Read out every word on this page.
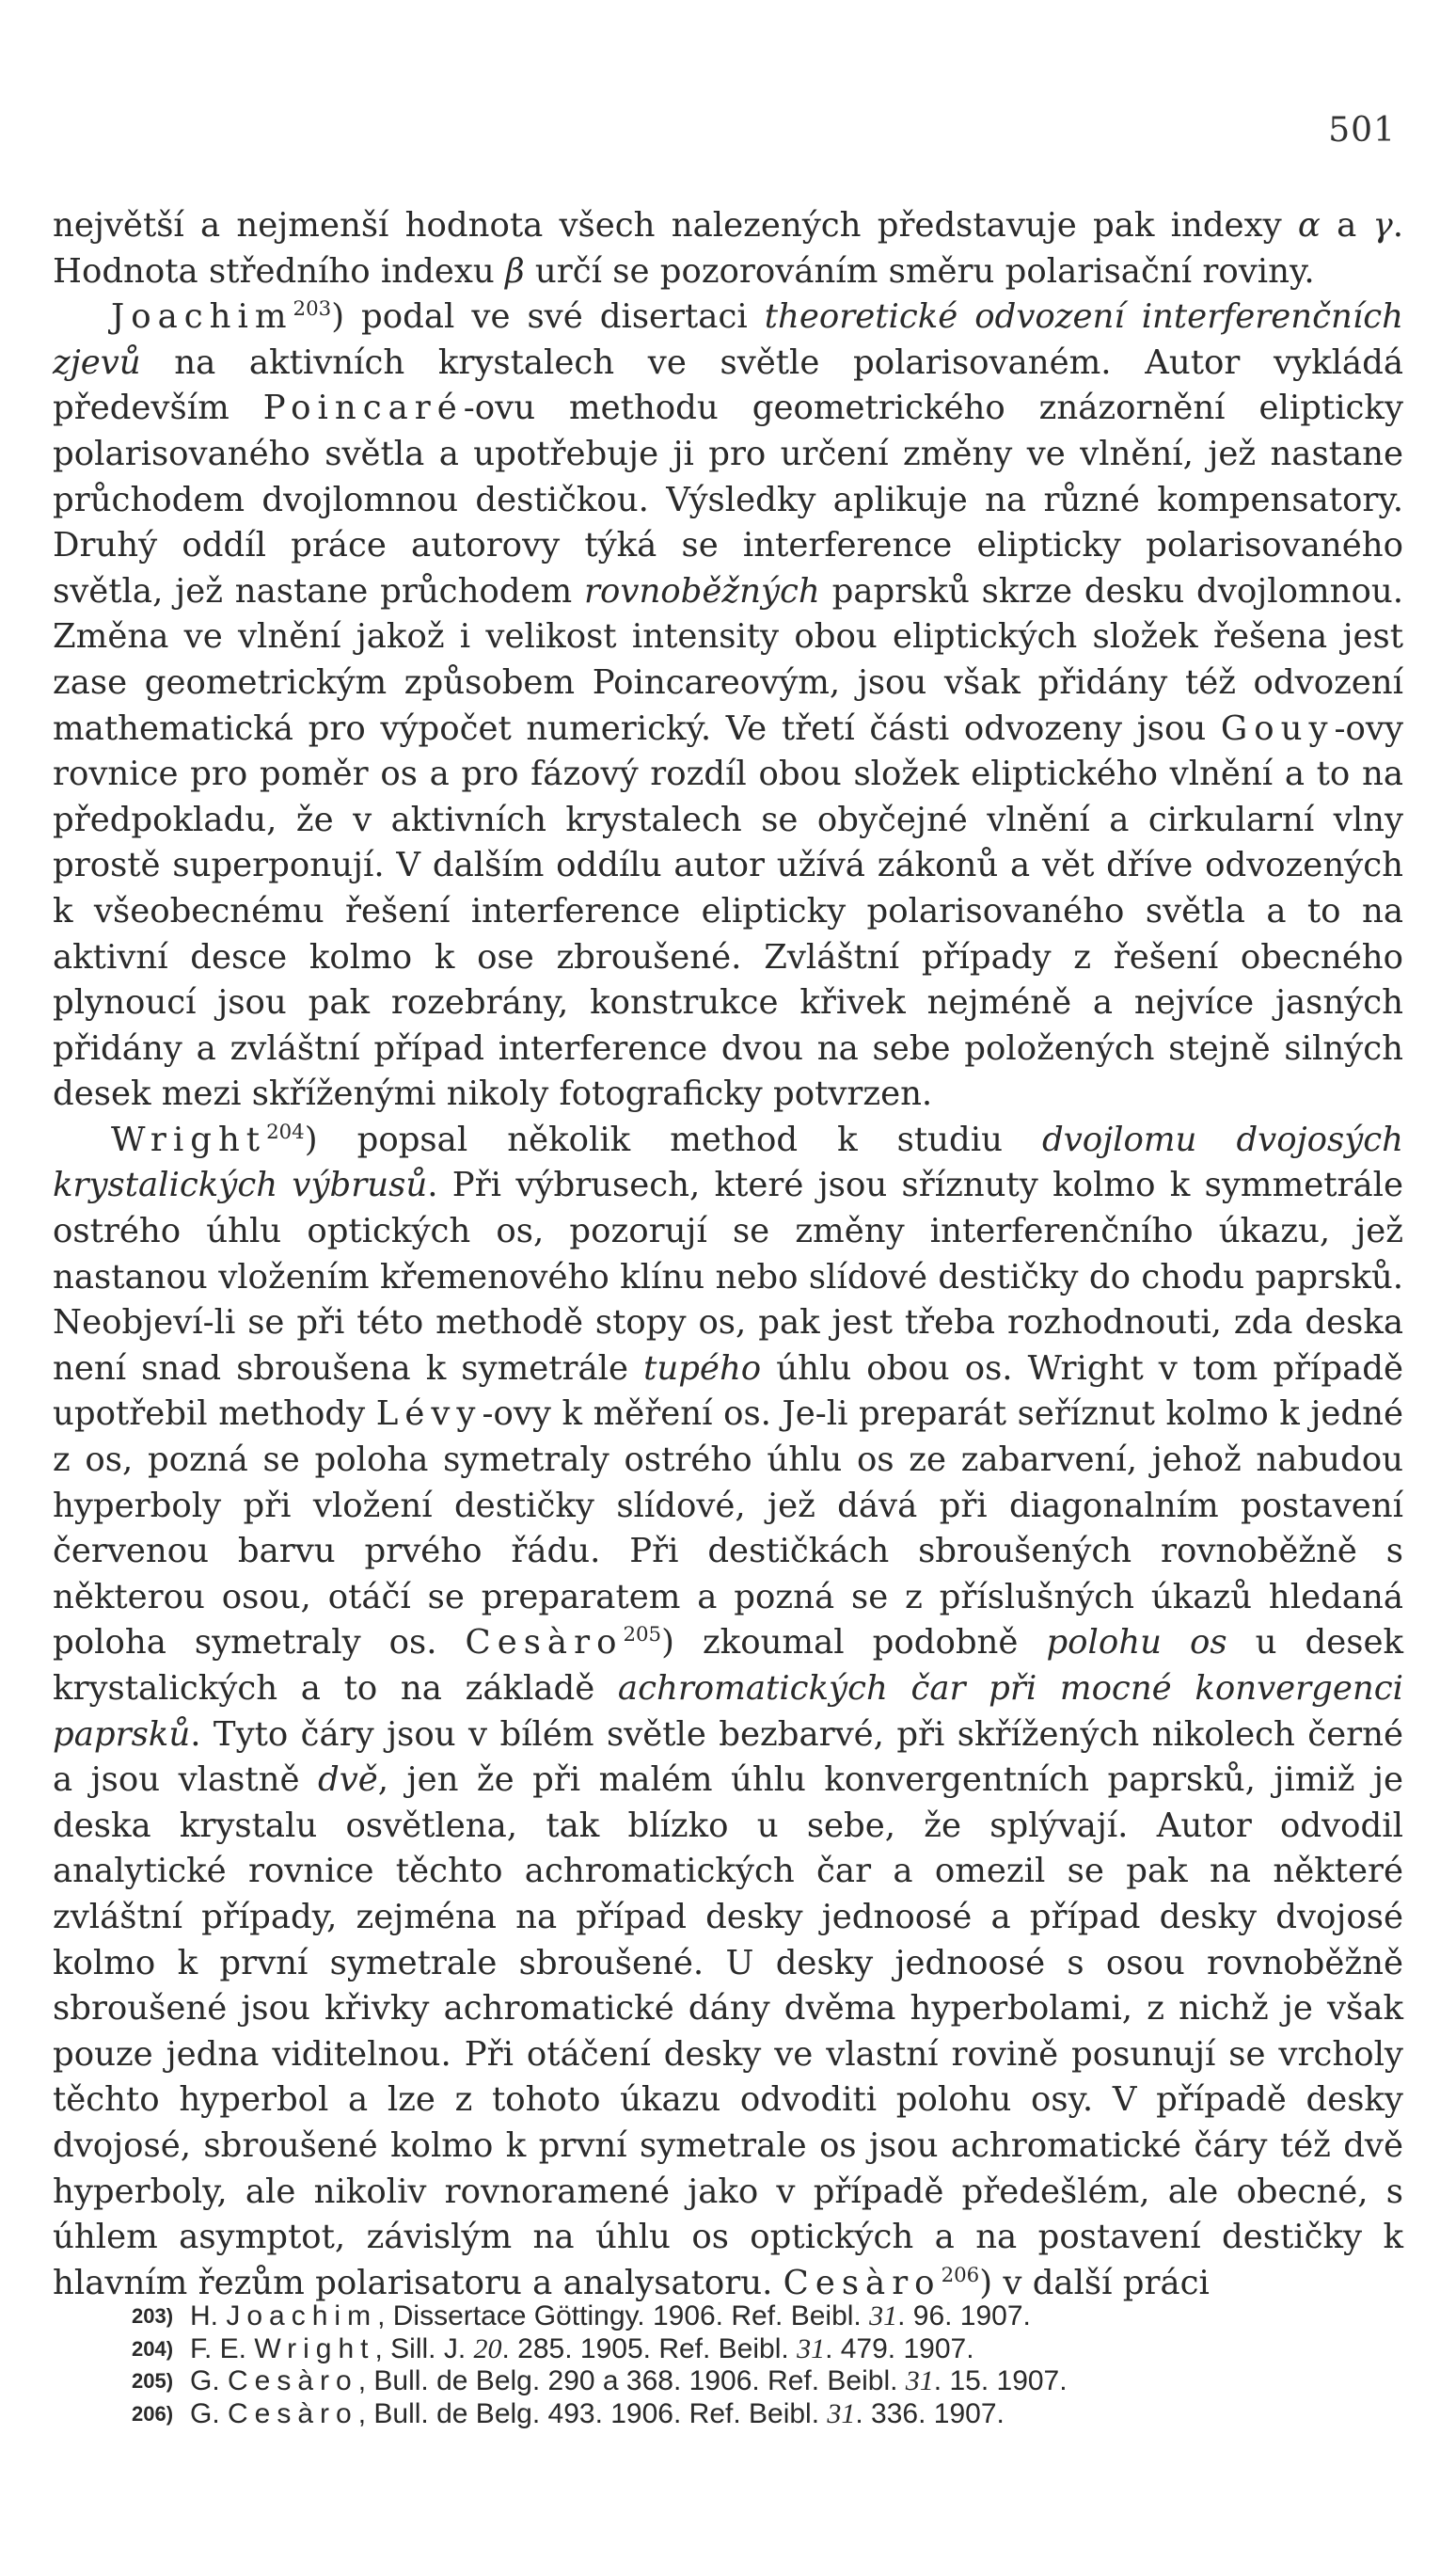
501

největší a nejmenší hodnota všech nalezených představuje pak indexy α a γ. Hodnota středního indexu β určí se pozorováním směru polarisační roviny.

Joachim$^{203}$) podal ve své disertaci theoretické odvození interferenčních zjevů na aktivních krystalech ve světle polarisovaném. Autor vykládá především Poincaré-ovu methodu geometrického znázornění elipticky polarisovaného světla a upotřebuje ji pro určení změny ve vlnění, jež nastane průchodem dvojlomnou destičkou. Výsledky aplikuje na různé kompensatory. Druhý oddíl práce autorovy týká se interference elipticky polarisovaného světla, jež nastane průchodem rovnoběžných paprsků skrze desku dvojlomnou. Změna ve vlnění jakož i velikost intensity obou eliptických složek řešena jest zase geometrickým způsobem Poincareovým, jsou však přidány též odvození mathematická pro výpočet numerický. Ve třetí části odvozeny jsou Gouy-ovy rovnice pro poměr os a pro fázový rozdíl obou složek eliptického vlnění a to na předpokladu, že v aktivních krystalech se obyčejné vlnění a cirkularní vlny prostě superponují. V dalším oddílu autor užívá zákonů a vět dříve odvozených k všeobecnému řešení interference elipticky polarisovaného světla a to na aktivní desce kolmo k ose zbroušené. Zvláštní případy z řešení obecného plynoucí jsou pak rozebrány, konstrukce křivek nejméně a nejvíce jasných přidány a zvláštní případ interference dvou na sebe položených stejně silných desek mezi skříženými nikoly fotograficky potvrzen.

Wright$^{204}$) popsal několik method k studiu dvojlomu dvojosých krystalických výbrusů. Při výbrusech, které jsou sříznuty kolmo k symmetrále ostrého úhlu optických os, pozorují se změny interferenčního úkazu, jež nastanou vložením křemenového klínu nebo slídové destičky do chodu paprsků. Neobjeví-li se při této methodě stopy os, pak jest třeba rozhodnouti, zda deska není snad sbroušena k symetrále tupého úhlu obou os. Wright v tom případě upotřebil methody Lévy-ovy k měření os. Je-li preparát seříznut kolmo k jedné z os, pozná se poloha symetraly ostrého úhlu os ze zabarvení, jehož nabudou hyperboly při vložení destičky slídové, jež dává při diagonalním postavení červenou barvu prvého řádu. Při destičkách sbroušených rovnoběžně s některou osou, otáčí se preparatem a pozná se z příslušných úkazů hledaná poloha symetraly os. Cesàro$^{205}$) zkoumal podobně polohu os u desek krystalických a to na základě achromatických čar při mocné konvergenci paprsků. Tyto čáry jsou v bílém světle bezbarvé, při skřížených nikolech černé a jsou vlastně dvě, jen že při malém úhlu konvergentních paprsků, jimiž je deska krystalu osvětlena, tak blízko u sebe, že splývají. Autor odvodil analytické rovnice těchto achromatických čar a omezil se pak na některé zvláštní případy, zejména na případ desky jednoosé a případ desky dvojosé kolmo k první symetrale sbroušené. U desky jednoosé s osou rovnoběžně sbroušené jsou křivky achromatické dány dvěma hyperbolami, z nichž je však pouze jedna viditelnou. Při otáčení desky ve vlastní rovině posunují se vrcholy těchto hyperbol a lze z tohoto úkazu odvoditi polohu osy. V případě desky dvojosé, sbroušené kolmo k první symetrale os jsou achromatické čáry též dvě hyperboly, ale nikoliv rovnoramené jako v případě předešlém, ale obecné, s úhlem asymptot, závislým na úhlu os optických a na postavení destičky k hlavním řezům polarisatoru a analysatoru. Cesàro$^{206}$) v další práci

203) H. Joachim, Dissertace Göttingy. 1906. Ref. Beibl. 31. 96. 1907.
204) F. E. Wright, Sill. J. 20. 285. 1905. Ref. Beibl. 31. 479. 1907.
205) G. Cesàro, Bull. de Belg. 290 a 368. 1906. Ref. Beibl. 31. 15. 1907.
206) G. Cesàro, Bull. de Belg. 493. 1906. Ref. Beibl. 31. 336. 1907.
